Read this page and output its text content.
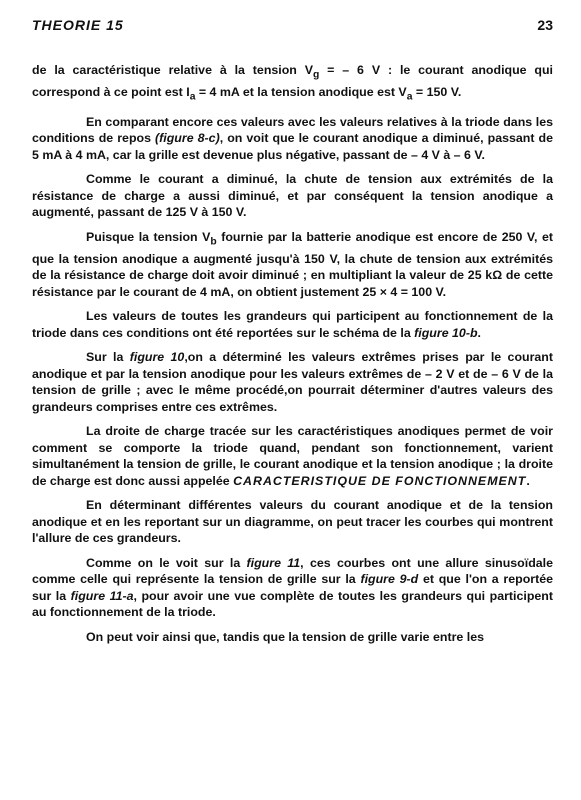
THEORIE 15	23

de la caractéristique relative à la tension $V_g$ = – 6 V : le courant anodique qui correspond à ce point est $I_a = 4$ mA et la tension anodique est $V_a = 150$ V.

En comparant encore ces valeurs avec les valeurs relatives à la triode dans les conditions de repos (figure 8-c), on voit que le courant anodique a diminué, passant de 5 mA à 4 mA, car la grille est devenue plus négative, passant de – 4 V à – 6 V.

Comme le courant a diminué, la chute de tension aux extrémités de la résistance de charge a aussi diminué, et par conséquent la tension anodique a augmenté, passant de 125 V à 150 V.

Puisque la tension $V_b$ fournie par la batterie anodique est encore de 250 V, et que la tension anodique a augmenté jusqu'à 150 V, la chute de tension aux extrémités de la résistance de charge doit avoir diminué ; en multipliant la valeur de 25 kΩ de cette résistance par le courant de 4 mA, on obtient justement 25 × 4 = 100 V.

Les valeurs de toutes les grandeurs qui participent au fonctionnement de la triode dans ces conditions ont été reportées sur le schéma de la figure 10-b.

Sur la figure 10,on a déterminé les valeurs extrêmes prises par le courant anodique et par la tension anodique pour les valeurs extrêmes de – 2 V et de – 6 V de la tension de grille ; avec le même procédé,on pourrait déterminer d'autres valeurs des grandeurs comprises entre ces extrêmes.

La droite de charge tracée sur les caractéristiques anodiques permet de voir comment se comporte la triode quand, pendant son fonctionnement, varient simultanément la tension de grille, le courant anodique et la tension anodique ; la droite de charge est donc aussi appelée CARACTERISTIQUE DE FONCTIONNEMENT.

En déterminant différentes valeurs du courant anodique et de la tension anodique et en les reportant sur un diagramme, on peut tracer les courbes qui montrent l'allure de ces grandeurs.

Comme on le voit sur la figure 11, ces courbes ont une allure sinusoïdale comme celle qui représente la tension de grille sur la figure 9-d et que l'on a reportée sur la figure 11-a, pour avoir une vue complète de toutes les grandeurs qui participent au fonctionnement de la triode.

On peut voir ainsi que, tandis que la tension de grille varie entre les
